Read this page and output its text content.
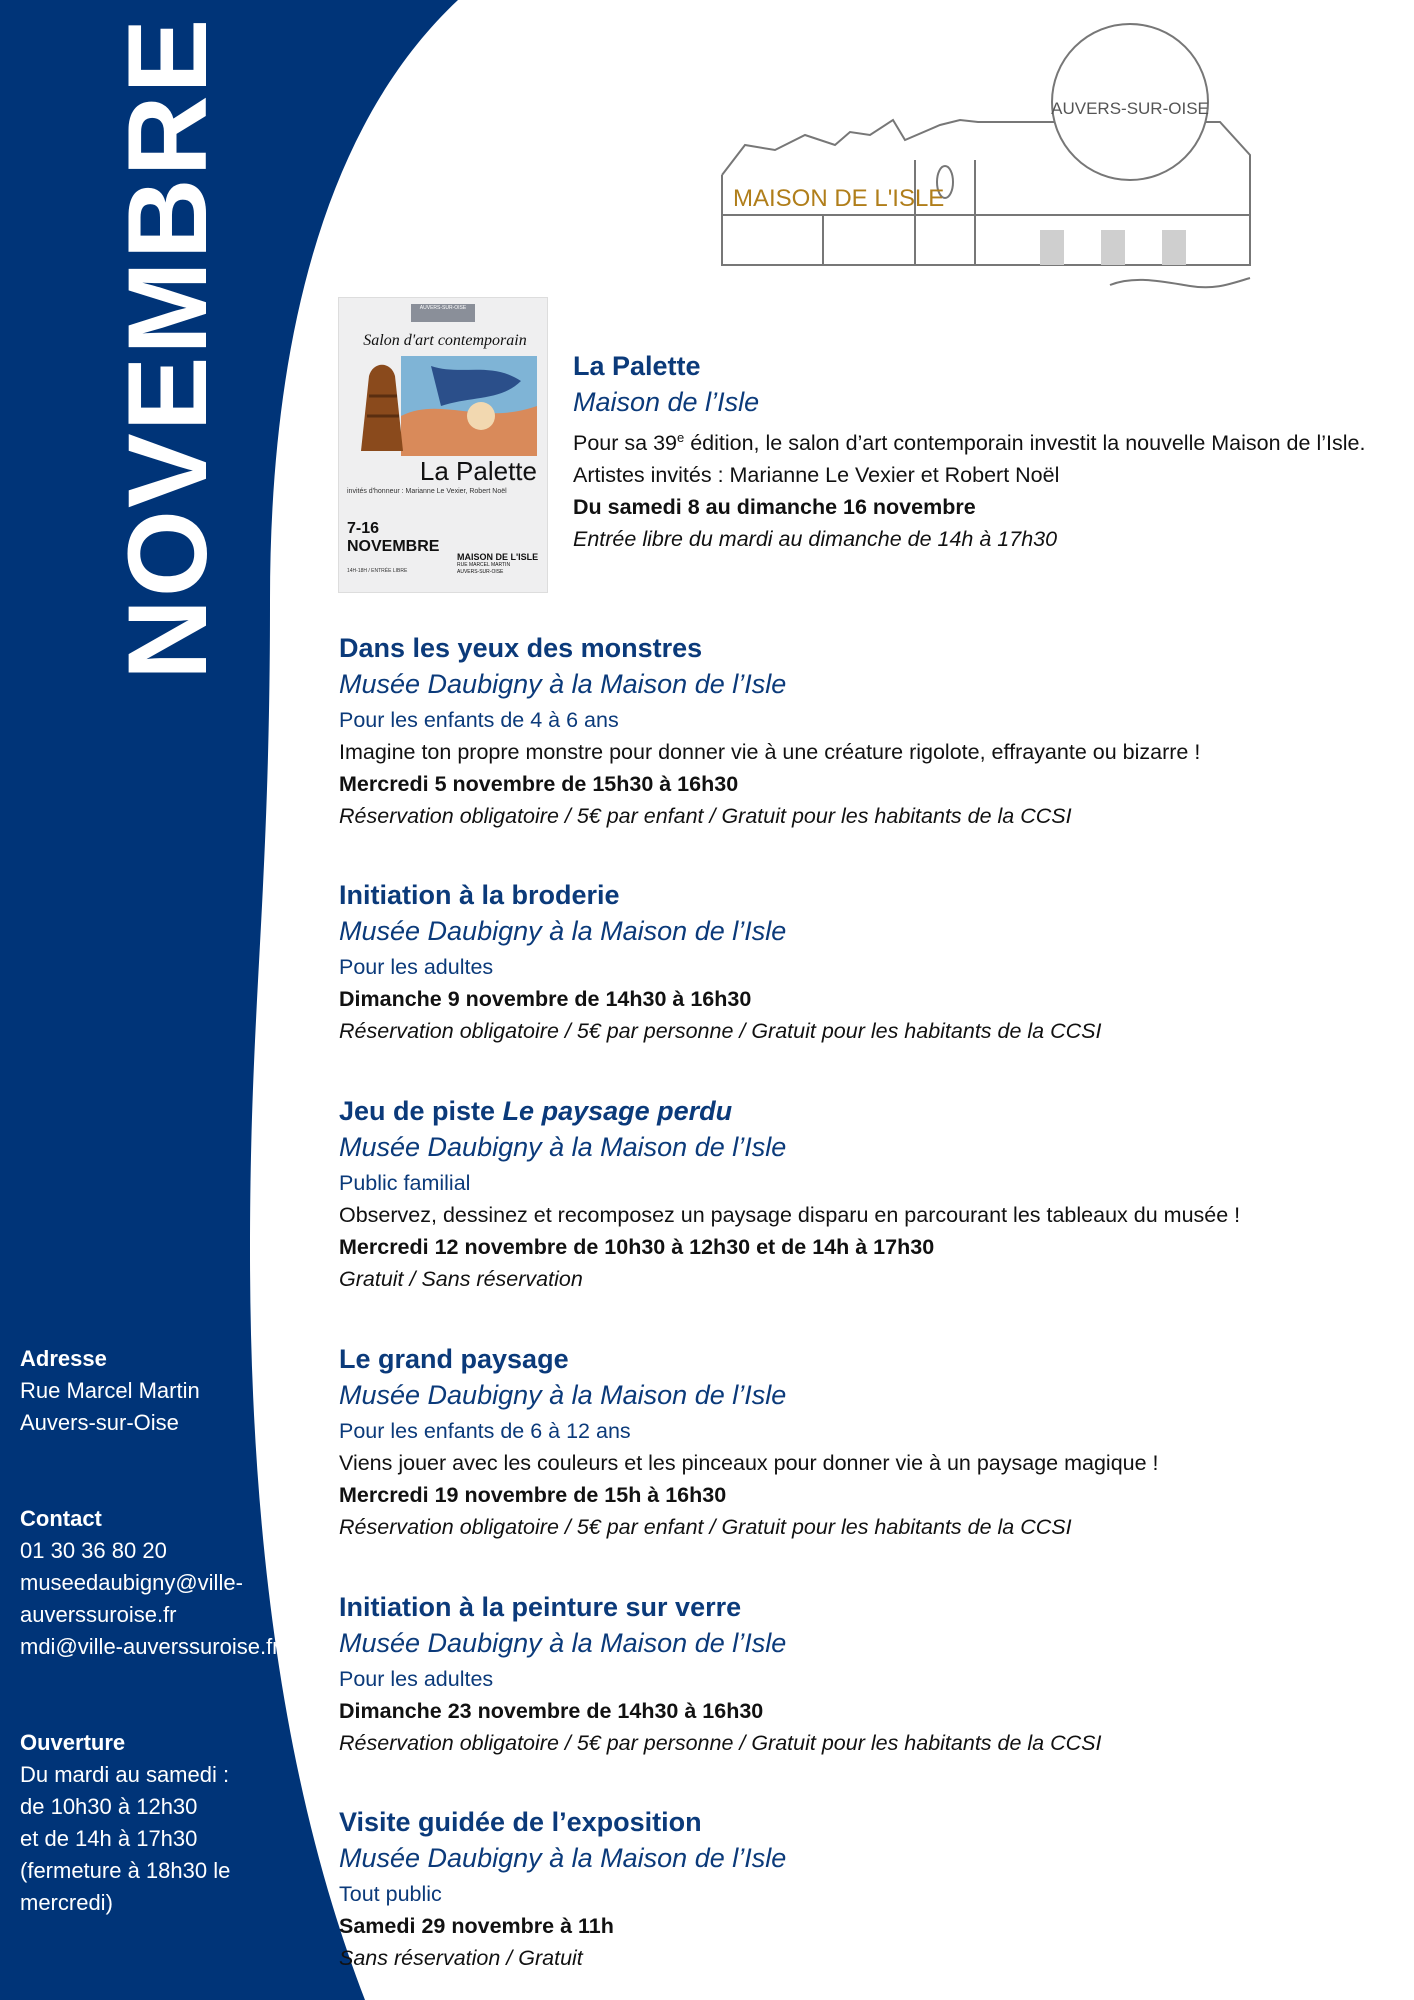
NOVEMBRE
Adresse
Rue Marcel Martin
Auvers-sur-Oise
Contact
01 30 36 80 20
museedaubigny@ville-
auverssuroise.fr
mdi@ville-auverssuroise.fr
Ouverture
Du mardi au samedi :
de 10h30 à 12h30
et de 14h à 17h30
(fermeture à 18h30 le
mercredi)
AUVERS-SUR-OISE
MAISON DE L'ISLE
AUVERS-SUR-OISE
Salon d'art contemporain
La Palette
invités d'honneur : Marianne Le Vexier, Robert Noël
7-16
NOVEMBRE
MAISON DE L'ISLE
RUE MARCEL MARTIN
AUVERS-SUR-OISE
14H-18H / ENTRÉE LIBRE
La Palette
Maison de l’Isle
Pour sa 39e édition, le salon d’art contemporain investit la nouvelle Maison de l’Isle.
Artistes invités : Marianne Le Vexier et Robert Noël
Du samedi 8 au dimanche 16 novembre
Entrée libre du mardi au dimanche de 14h à 17h30
Dans les yeux des monstres
Musée Daubigny à la Maison de l’Isle
Pour les enfants de 4 à 6 ans
Imagine ton propre monstre pour donner vie à une créature rigolote, effrayante ou bizarre !
Mercredi 5 novembre de 15h30 à 16h30
Réservation obligatoire / 5€ par enfant / Gratuit pour les habitants de la CCSI
Initiation à la broderie
Musée Daubigny à la Maison de l’Isle
Pour les adultes
Dimanche 9 novembre de 14h30 à 16h30
Réservation obligatoire / 5€ par personne / Gratuit pour les habitants de la CCSI
Jeu de piste Le paysage perdu
Musée Daubigny à la Maison de l’Isle
Public familial
Observez, dessinez et recomposez un paysage disparu en parcourant les tableaux du musée !
Mercredi 12 novembre de 10h30 à 12h30 et de 14h à 17h30
Gratuit / Sans réservation
Le grand paysage
Musée Daubigny à la Maison de l’Isle
Pour les enfants de 6 à 12 ans
Viens jouer avec les couleurs et les pinceaux pour donner vie à un paysage magique !
Mercredi 19 novembre de 15h à 16h30
Réservation obligatoire / 5€ par enfant / Gratuit pour les habitants de la CCSI
Initiation à la peinture sur verre
Musée Daubigny à la Maison de l’Isle
Pour les adultes
Dimanche 23 novembre de 14h30 à 16h30
Réservation obligatoire / 5€ par personne / Gratuit pour les habitants de la CCSI
Visite guidée de l’exposition
Musée Daubigny à la Maison de l’Isle
Tout public
Samedi 29 novembre à 11h
Sans réservation / Gratuit
